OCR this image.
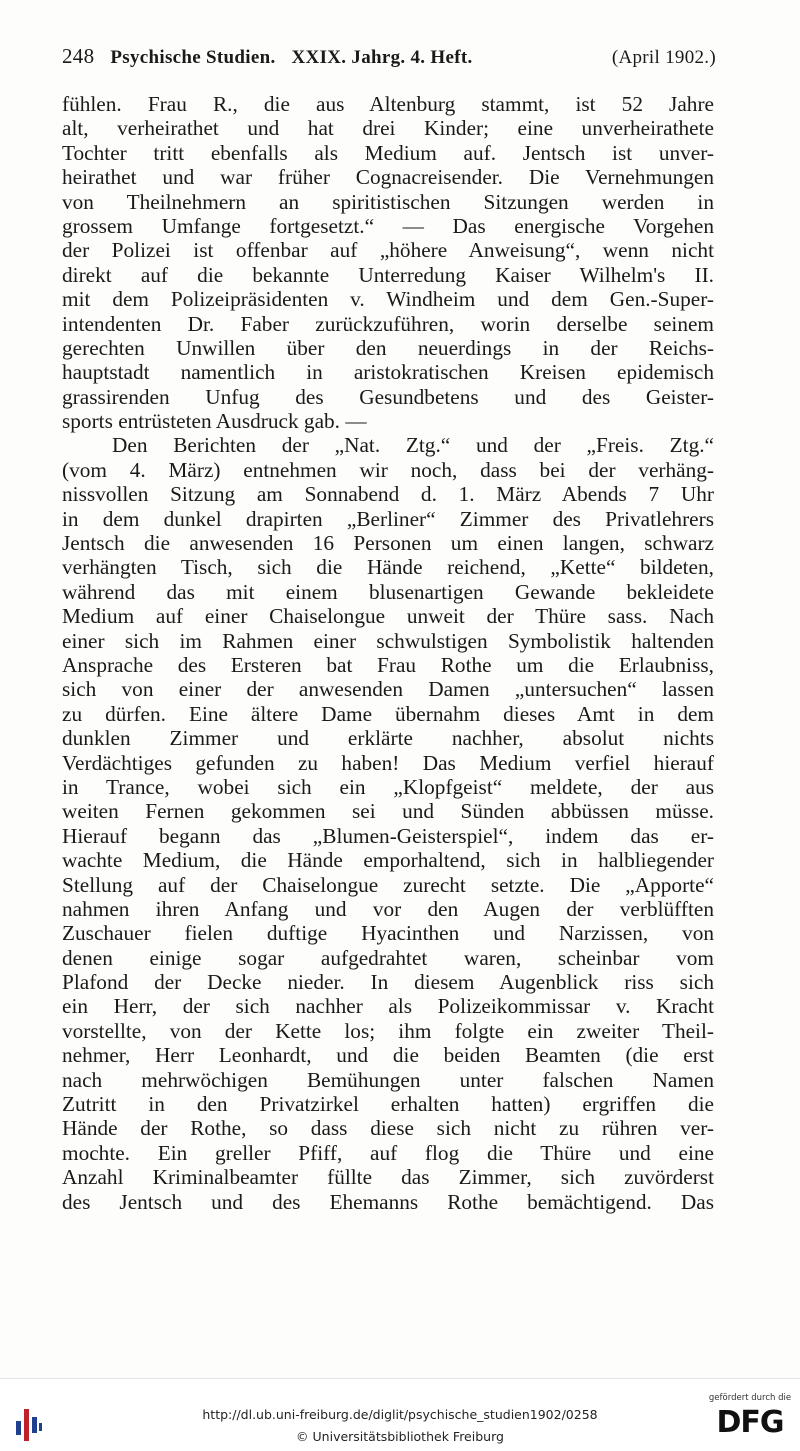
248 Psychische Studien. XXIX. Jahrg. 4. Heft.	(April 1902.)
fühlen. Frau R., die aus Altenburg stammt, ist 52 Jahre
alt, verheirathet und hat drei Kinder; eine unverheirathete
Tochter tritt ebenfalls als Medium auf. Jentsch ist unver-
heirathet und war früher Cognacreisender. Die Vernehmungen
von Theilnehmern an spiritistischen Sitzungen werden in
grossem Umfange fortgesetzt.“ — Das energische Vorgehen
der Polizei ist offenbar auf „höhere Anweisung“, wenn nicht
direkt auf die bekannte Unterredung Kaiser Wilhelm's II.
mit dem Polizeipräsidenten v. Windheim und dem Gen.-Super-
intendenten Dr. Faber zurückzuführen, worin derselbe seinem
gerechten Unwillen über den neuerdings in der Reichs-
hauptstadt namentlich in aristokratischen Kreisen epidemisch
grassirenden Unfug des Gesundbetens und des Geister-
sports entrüsteten Ausdruck gab. —
Den Berichten der „Nat. Ztg.“ und der „Freis. Ztg.“
(vom 4. März) entnehmen wir noch, dass bei der verhäng-
nissvollen Sitzung am Sonnabend d. 1. März Abends 7 Uhr
in dem dunkel drapirten „Berliner“ Zimmer des Privatlehrers
Jentsch die anwesenden 16 Personen um einen langen, schwarz
verhängten Tisch, sich die Hände reichend, „Kette“ bildeten,
während das mit einem blusenartigen Gewande bekleidete
Medium auf einer Chaiselongue unweit der Thüre sass. Nach
einer sich im Rahmen einer schwulstigen Symbolistik haltenden
Ansprache des Ersteren bat Frau Rothe um die Erlaubniss,
sich von einer der anwesenden Damen „untersuchen“ lassen
zu dürfen. Eine ältere Dame übernahm dieses Amt in dem
dunklen Zimmer und erklärte nachher, absolut nichts
Verdächtiges gefunden zu haben! Das Medium verfiel hierauf
in Trance, wobei sich ein „Klopfgeist“ meldete, der aus
weiten Fernen gekommen sei und Sünden abbüssen müsse.
Hierauf begann das „Blumen-Geisterspiel“, indem das er-
wachte Medium, die Hände emporhaltend, sich in halbliegender
Stellung auf der Chaiselongue zurecht setzte. Die „Apporte“
nahmen ihren Anfang und vor den Augen der verblüfften
Zuschauer fielen duftige Hyacinthen und Narzissen, von
denen einige sogar aufgedrahtet waren, scheinbar vom
Plafond der Decke nieder. In diesem Augenblick riss sich
ein Herr, der sich nachher als Polizeikommissar v. Kracht
vorstellte, von der Kette los; ihm folgte ein zweiter Theil-
nehmer, Herr Leonhardt, und die beiden Beamten (die erst
nach mehrwöchigen Bemühungen unter falschen Namen
Zutritt in den Privatzirkel erhalten hatten) ergriffen die
Hände der Rothe, so dass diese sich nicht zu rühren ver-
mochte. Ein greller Pfiff, auf flog die Thüre und eine
Anzahl Kriminalbeamter füllte das Zimmer, sich zuvörderst
des Jentsch und des Ehemanns Rothe bemächtigend. Das
http://dl.ub.uni-freiburg.de/diglit/psychische_studien1902/0258
© Universitätsbibliothek Freiburg
gefördert durch die
DFG
